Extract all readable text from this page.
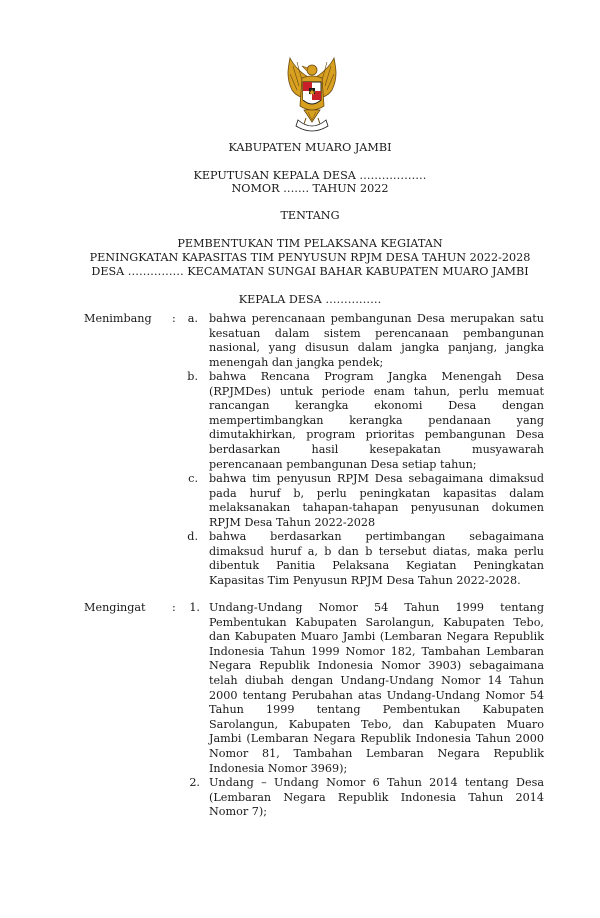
KABUPATEN MUARO JAMBI
KEPUTUSAN KEPALA DESA ………………
NOMOR ……. TAHUN 2022
TENTANG
PEMBENTUKAN TIM PELAKSANA KEGIATAN
PENINGKATAN KAPASITAS TIM PENYUSUN RPJM DESA TAHUN 2022-2028
DESA …………… KECAMATAN SUNGAI BAHAR KABUPATEN MUARO JAMBI
KEPALA DESA ……………
Menimbang :	a. bahwa perencanaan pembangunan Desa merupakan satu
kesatuan dalam sistem perencanaan pembangunan
nasional, yang disusun dalam jangka panjang, jangka
menengah dan jangka pendek;
b. bahwa Rencana Program Jangka Menengah Desa
(RPJMDes) untuk periode enam tahun, perlu memuat
rancangan kerangka ekonomi Desa dengan
mempertimbangkan kerangka pendanaan yang
dimutakhirkan, program prioritas pembangunan Desa
berdasarkan hasil kesepakatan musyawarah
perencanaan pembangunan Desa setiap tahun;
c. bahwa tim penyusun RPJM Desa sebagaimana dimaksud
pada huruf b, perlu peningkatan kapasitas dalam
melaksanakan tahapan-tahapan penyusunan dokumen
RPJM Desa Tahun 2022-2028
d. bahwa berdasarkan pertimbangan sebagaimana
dimaksud huruf a, b dan b tersebut diatas, maka perlu
dibentuk Panitia Pelaksana Kegiatan Peningkatan
Kapasitas Tim Penyusun RPJM Desa Tahun 2022-2028.
Mengingat :	1. Undang-Undang Nomor 54 Tahun 1999 tentang
Pembentukan Kabupaten Sarolangun, Kabupaten Tebo,
dan Kabupaten Muaro Jambi (Lembaran Negara Republik
Indonesia Tahun 1999 Nomor 182, Tambahan Lembaran
Negara Republik Indonesia Nomor 3903) sebagaimana
telah diubah dengan Undang-Undang Nomor 14 Tahun
2000 tentang Perubahan atas Undang-Undang Nomor 54
Tahun 1999 tentang Pembentukan Kabupaten
Sarolangun, Kabupaten Tebo, dan Kabupaten Muaro
Jambi (Lembaran Negara Republik Indonesia Tahun 2000
Nomor 81, Tambahan Lembaran Negara Republik
Indonesia Nomor 3969);
2. Undang – Undang Nomor 6 Tahun 2014 tentang Desa
(Lembaran Negara Republik Indonesia Tahun 2014
Nomor 7);
